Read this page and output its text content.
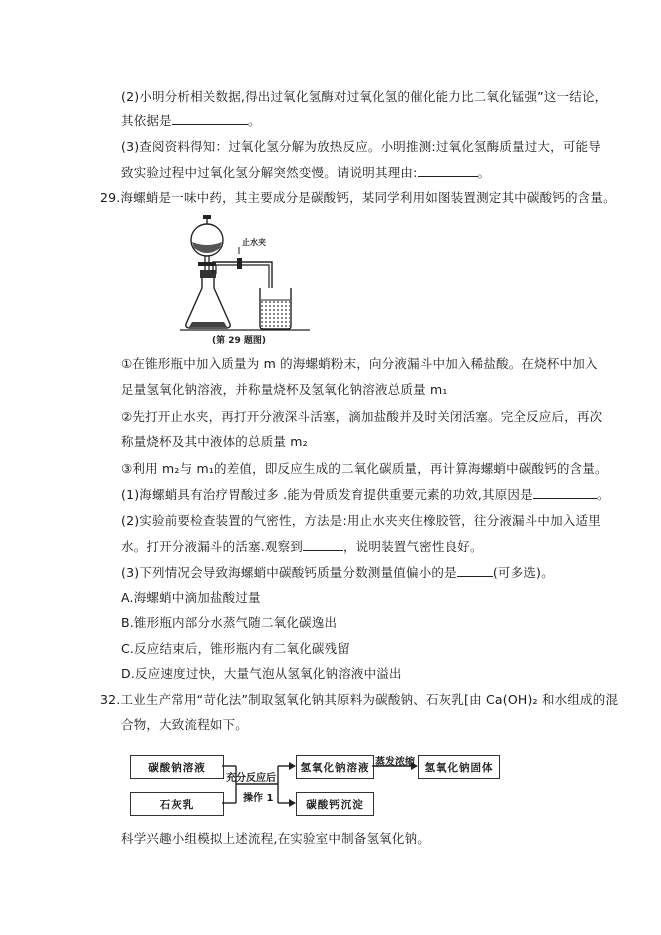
(2)小明分析相关数据,得出过氧化氢酶对过氧化氢的催化能力比二氧化锰强”这一结论，
其依据是	。
(3)查阅资料得知：过氧化氢分解为放热反应。小明推测:过氧化氢酶质量过大，可能导
致实验过程中过氧化氢分解突然变慢。请说明其理由:	。
29.海螺蛸是一味中药，其主要成分是碳酸钙，某同学利用如图装置测定其中碳酸钙的含量。
止水夹
(第 29 题图)
①在锥形瓶中加入质量为 m 的海螺蛸粉末，向分液漏斗中加入稀盐酸。在烧杯中加入
足量氢氧化钠溶液，并称量烧杯及氢氧化钠溶液总质量 m₁
②先打开止水夹，再打开分液深斗活塞，滴加盐酸并及时关闭活塞。完全反应后，再次
称量烧杯及其中液体的总质量 m₂
③利用 m₂与 m₁的差值，即反应生成的二氧化碳质量，再计算海螺蛸中碳酸钙的含量。
(1)海螺蛸具有治疗胃酸过多 .能为骨质发育提供重要元素的功效,其原因是	。
(2)实验前要检查装置的气密性，方法是:用止水夹夹住橡胶管，往分液漏斗中加入适里
水。打开分液漏斗的活塞.观察到	，说明装置气密性良好。
(3)下列情况会导致海螺蛸中碳酸钙质量分数测量值偏小的是	(可多选)。
A.海螺蛸中滴加盐酸过量
B.锥形瓶内部分水蒸气随二氧化碳逸出
C.反应结束后，锥形瓶内有二氧化碳残留
D.反应速度过快，大量气泡从氢氧化钠溶液中溢出
32.工业生产常用“苛化法”制取氢氧化钠其原料为碳酸钠、石灰乳[由 Ca(OH)₂ 和水组成的混
合物，大致流程如下。
碳酸钠溶液
石灰乳
氢氧化钠溶液
碳酸钙沉淀
氢氧化钠固体
充分反应后
操作 1
蒸发浓缩
科学兴趣小组模拟上述流程,在实验室中制备氢氧化钠。
